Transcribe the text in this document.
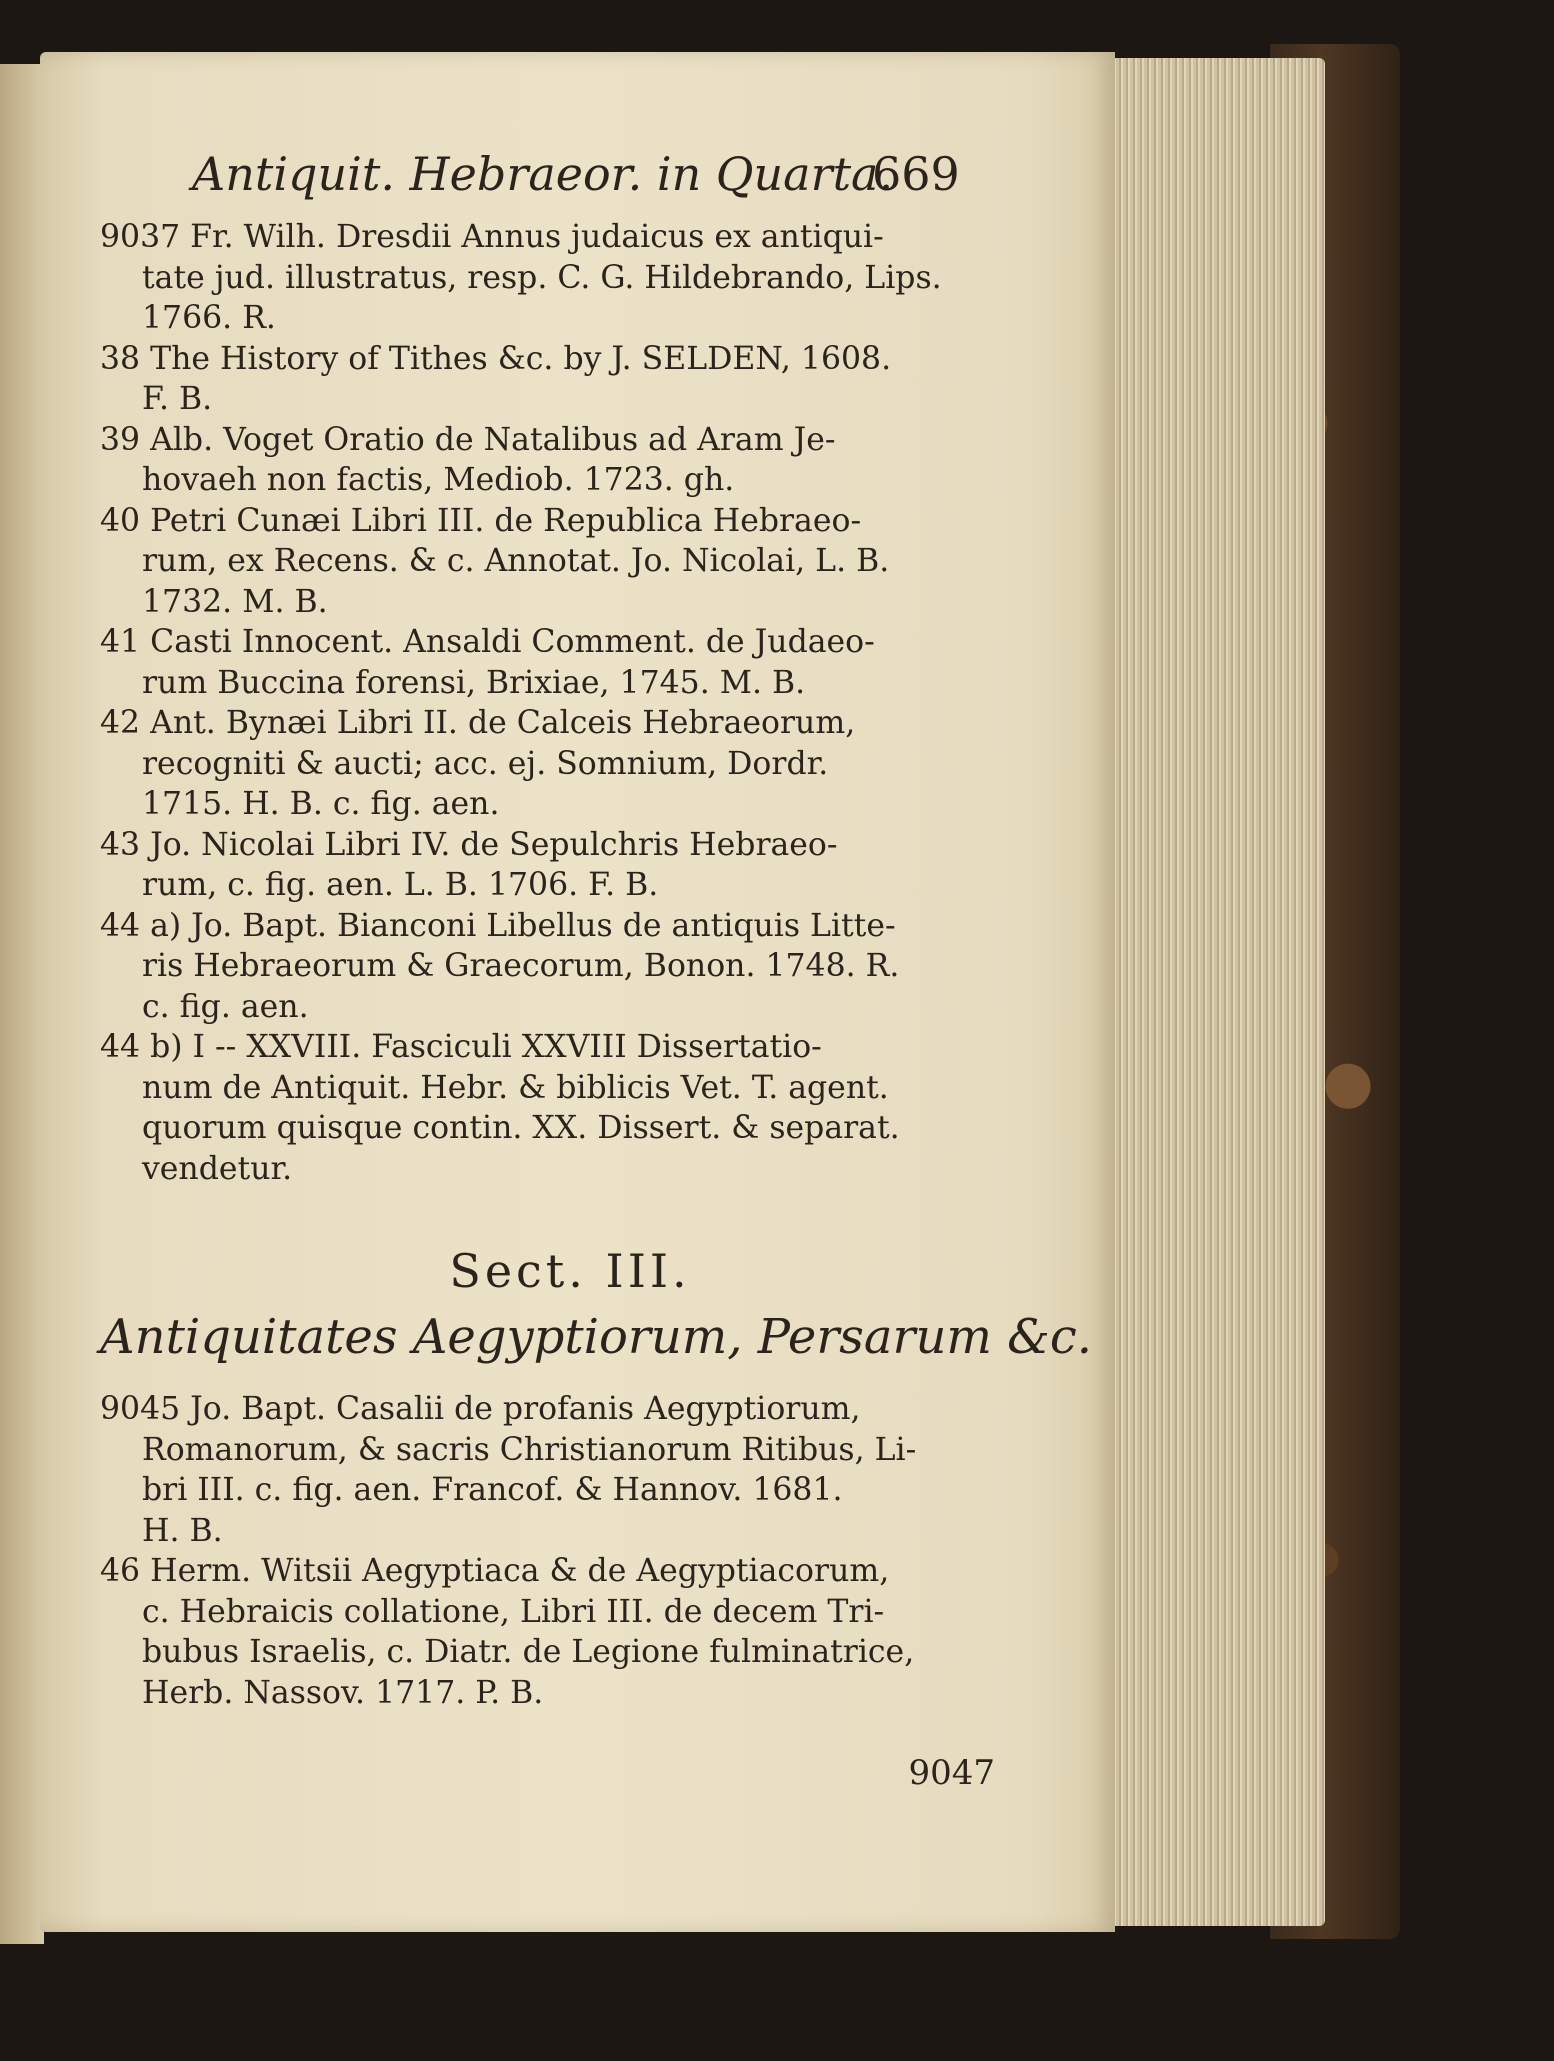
Antiquit. Hebraeor. in Quarta.
669
9037 Fr. Wilh. Dresdii Annus judaicus ex antiqui-
tate jud. illustratus, resp. C. G. Hildebrando, Lips.
1766. R.
38 The History of Tithes &c. by J. SELDEN, 1608.
F. B.
39 Alb. Voget Oratio de Natalibus ad Aram Je-
hovaeh non factis, Mediob. 1723. gh.
40 Petri Cunæi Libri III. de Republica Hebraeo-
rum, ex Recens. & c. Annotat. Jo. Nicolai, L. B.
1732. M. B.
41 Casti Innocent. Ansaldi Comment. de Judaeo-
rum Buccina forensi, Brixiae, 1745. M. B.
42 Ant. Bynæi Libri II. de Calceis Hebraeorum,
recogniti & aucti; acc. ej. Somnium, Dordr.
1715. H. B. c. fig. aen.
43 Jo. Nicolai Libri IV. de Sepulchris Hebraeo-
rum, c. fig. aen. L. B. 1706. F. B.
44 a) Jo. Bapt. Bianconi Libellus de antiquis Litte-
ris Hebraeorum & Graecorum, Bonon. 1748. R.
c. fig. aen.
44 b) I -- XXVIII. Fasciculi XXVIII Dissertatio-
num de Antiquit. Hebr. & biblicis Vet. T. agent.
quorum quisque contin. XX. Dissert. & separat.
vendetur.
Sect. III.
Antiquitates Aegyptiorum, Persarum &c.
9045 Jo. Bapt. Casalii de profanis Aegyptiorum,
Romanorum, & sacris Christianorum Ritibus, Li-
bri III. c. fig. aen. Francof. & Hannov. 1681.
H. B.
46 Herm. Witsii Aegyptiaca & de Aegyptiacorum,
c. Hebraicis collatione, Libri III. de decem Tri-
bubus Israelis, c. Diatr. de Legione fulminatrice,
Herb. Nassov. 1717. P. B.
9047
